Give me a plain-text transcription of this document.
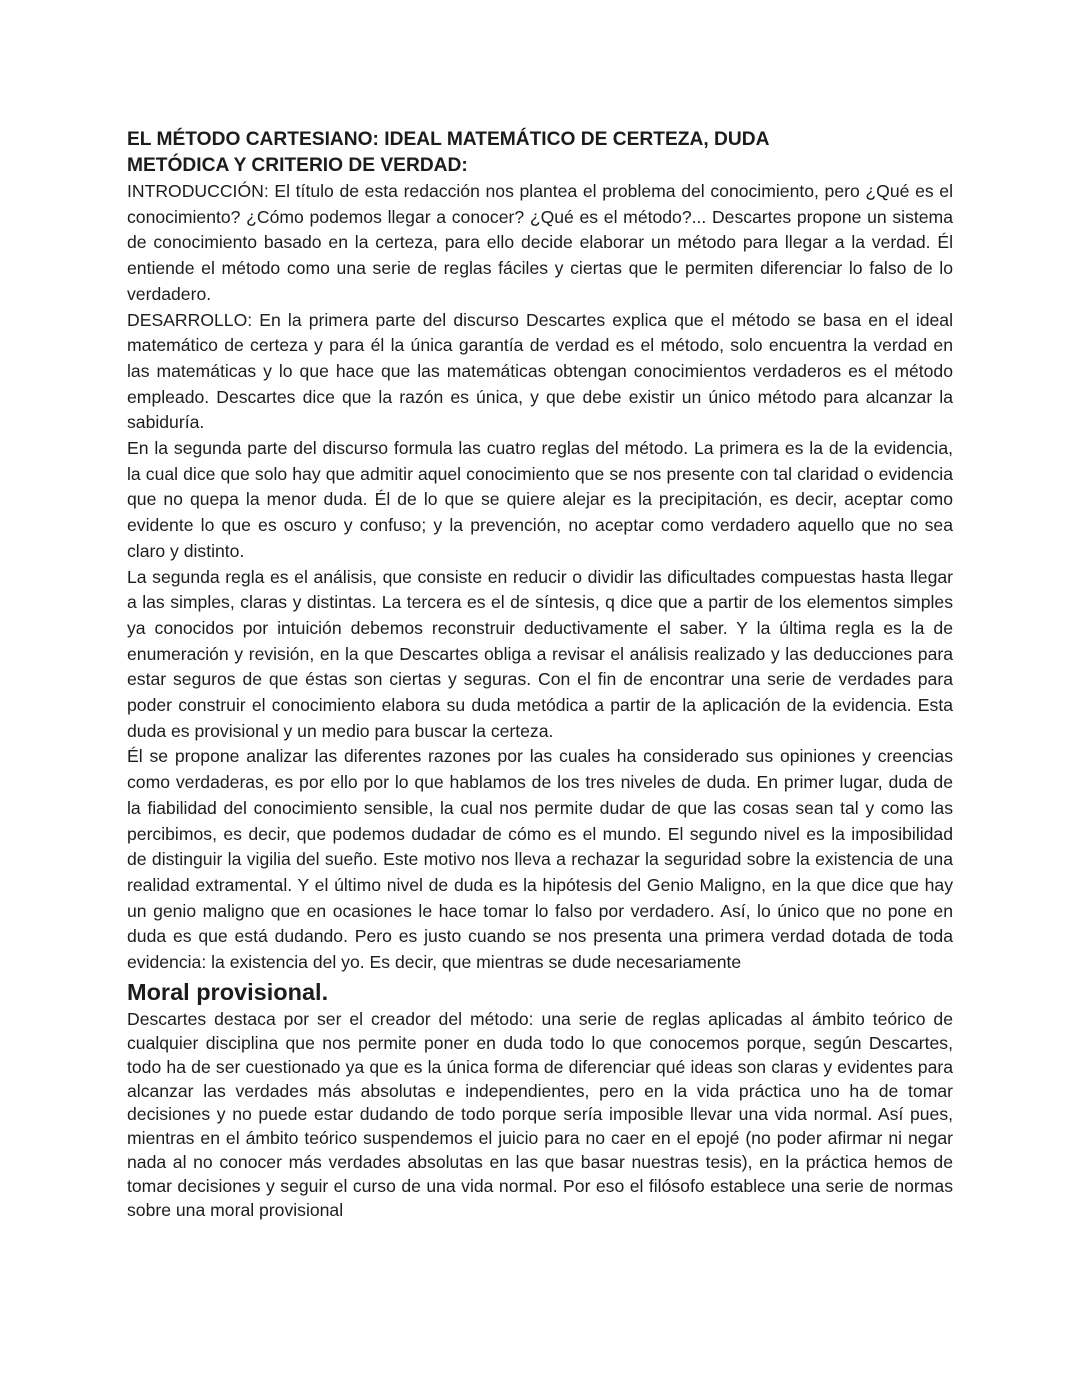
EL MÉTODO CARTESIANO: IDEAL MATEMÁTICO DE CERTEZA, DUDA METÓDICA Y CRITERIO DE VERDAD:

INTRODUCCIÓN: El título de esta redacción nos plantea el problema del conocimiento, pero ¿Qué es el conocimiento? ¿Cómo podemos llegar a conocer? ¿Qué es el método?... Descartes propone un sistema de conocimiento basado en la certeza, para ello decide elaborar un método para llegar a la verdad. Él entiende el método como una serie de reglas fáciles y ciertas que le permiten diferenciar lo falso de lo verdadero.

DESARROLLO: En la primera parte del discurso Descartes explica que el método se basa en el ideal matemático de certeza y para él la única garantía de verdad es el método, solo encuentra la verdad en las matemáticas y lo que hace que las matemáticas obtengan conocimientos verdaderos es el método empleado. Descartes dice que la razón es única, y que debe existir un único método para alcanzar la sabiduría.

En la segunda parte del discurso formula las cuatro reglas del método. La primera es la de la evidencia, la cual dice que solo hay que admitir aquel conocimiento que se nos presente con tal claridad o evidencia que no quepa la menor duda. Él de lo que se quiere alejar es la precipitación, es decir, aceptar como evidente lo que es oscuro y confuso; y la prevención, no aceptar como verdadero aquello que no sea claro y distinto.

La segunda regla es el análisis, que consiste en reducir o dividir las dificultades compuestas hasta llegar a las simples, claras y distintas. La tercera es el de síntesis, q dice que a partir de los elementos simples ya conocidos por intuición debemos reconstruir deductivamente el saber. Y la última regla es la de enumeración y revisión, en la que Descartes obliga a revisar el análisis realizado y las deducciones para estar seguros de que éstas son ciertas y seguras. Con el fin de encontrar una serie de verdades para poder construir el conocimiento elabora su duda metódica a partir de la aplicación de la evidencia. Esta duda es provisional y un medio para buscar la certeza.

Él se propone analizar las diferentes razones por las cuales ha considerado sus opiniones y creencias como verdaderas, es por ello por lo que hablamos de los tres niveles de duda. En primer lugar, duda de la fiabilidad del conocimiento sensible, la cual nos permite dudar de que las cosas sean tal y como las percibimos, es decir, que podemos dudadar de cómo es el mundo. El segundo nivel es la imposibilidad de distinguir la vigilia del sueño. Este motivo nos lleva a rechazar la seguridad sobre la existencia de una realidad extramental. Y el último nivel de duda es la hipótesis del Genio Maligno, en la que dice que hay un genio maligno que en ocasiones le hace tomar lo falso por verdadero. Así, lo único que no pone en duda es que está dudando. Pero es justo cuando se nos presenta una primera verdad dotada de toda evidencia: la existencia del yo. Es decir, que mientras se dude necesariamente

Moral provisional.

Descartes destaca por ser el creador del método: una serie de reglas aplicadas al ámbito teórico de cualquier disciplina que nos permite poner en duda todo lo que conocemos porque, según Descartes, todo ha de ser cuestionado ya que es la única forma de diferenciar qué ideas son claras y evidentes para alcanzar las verdades más absolutas e independientes, pero en la vida práctica uno ha de tomar decisiones y no puede estar dudando de todo porque sería imposible llevar una vida normal. Así pues, mientras en el ámbito teórico suspendemos el juicio para no caer en el epojé (no poder afirmar ni negar nada al no conocer más verdades absolutas en las que basar nuestras tesis), en la práctica hemos de tomar decisiones y seguir el curso de una vida normal. Por eso el filósofo establece una serie de normas sobre una moral provisional
